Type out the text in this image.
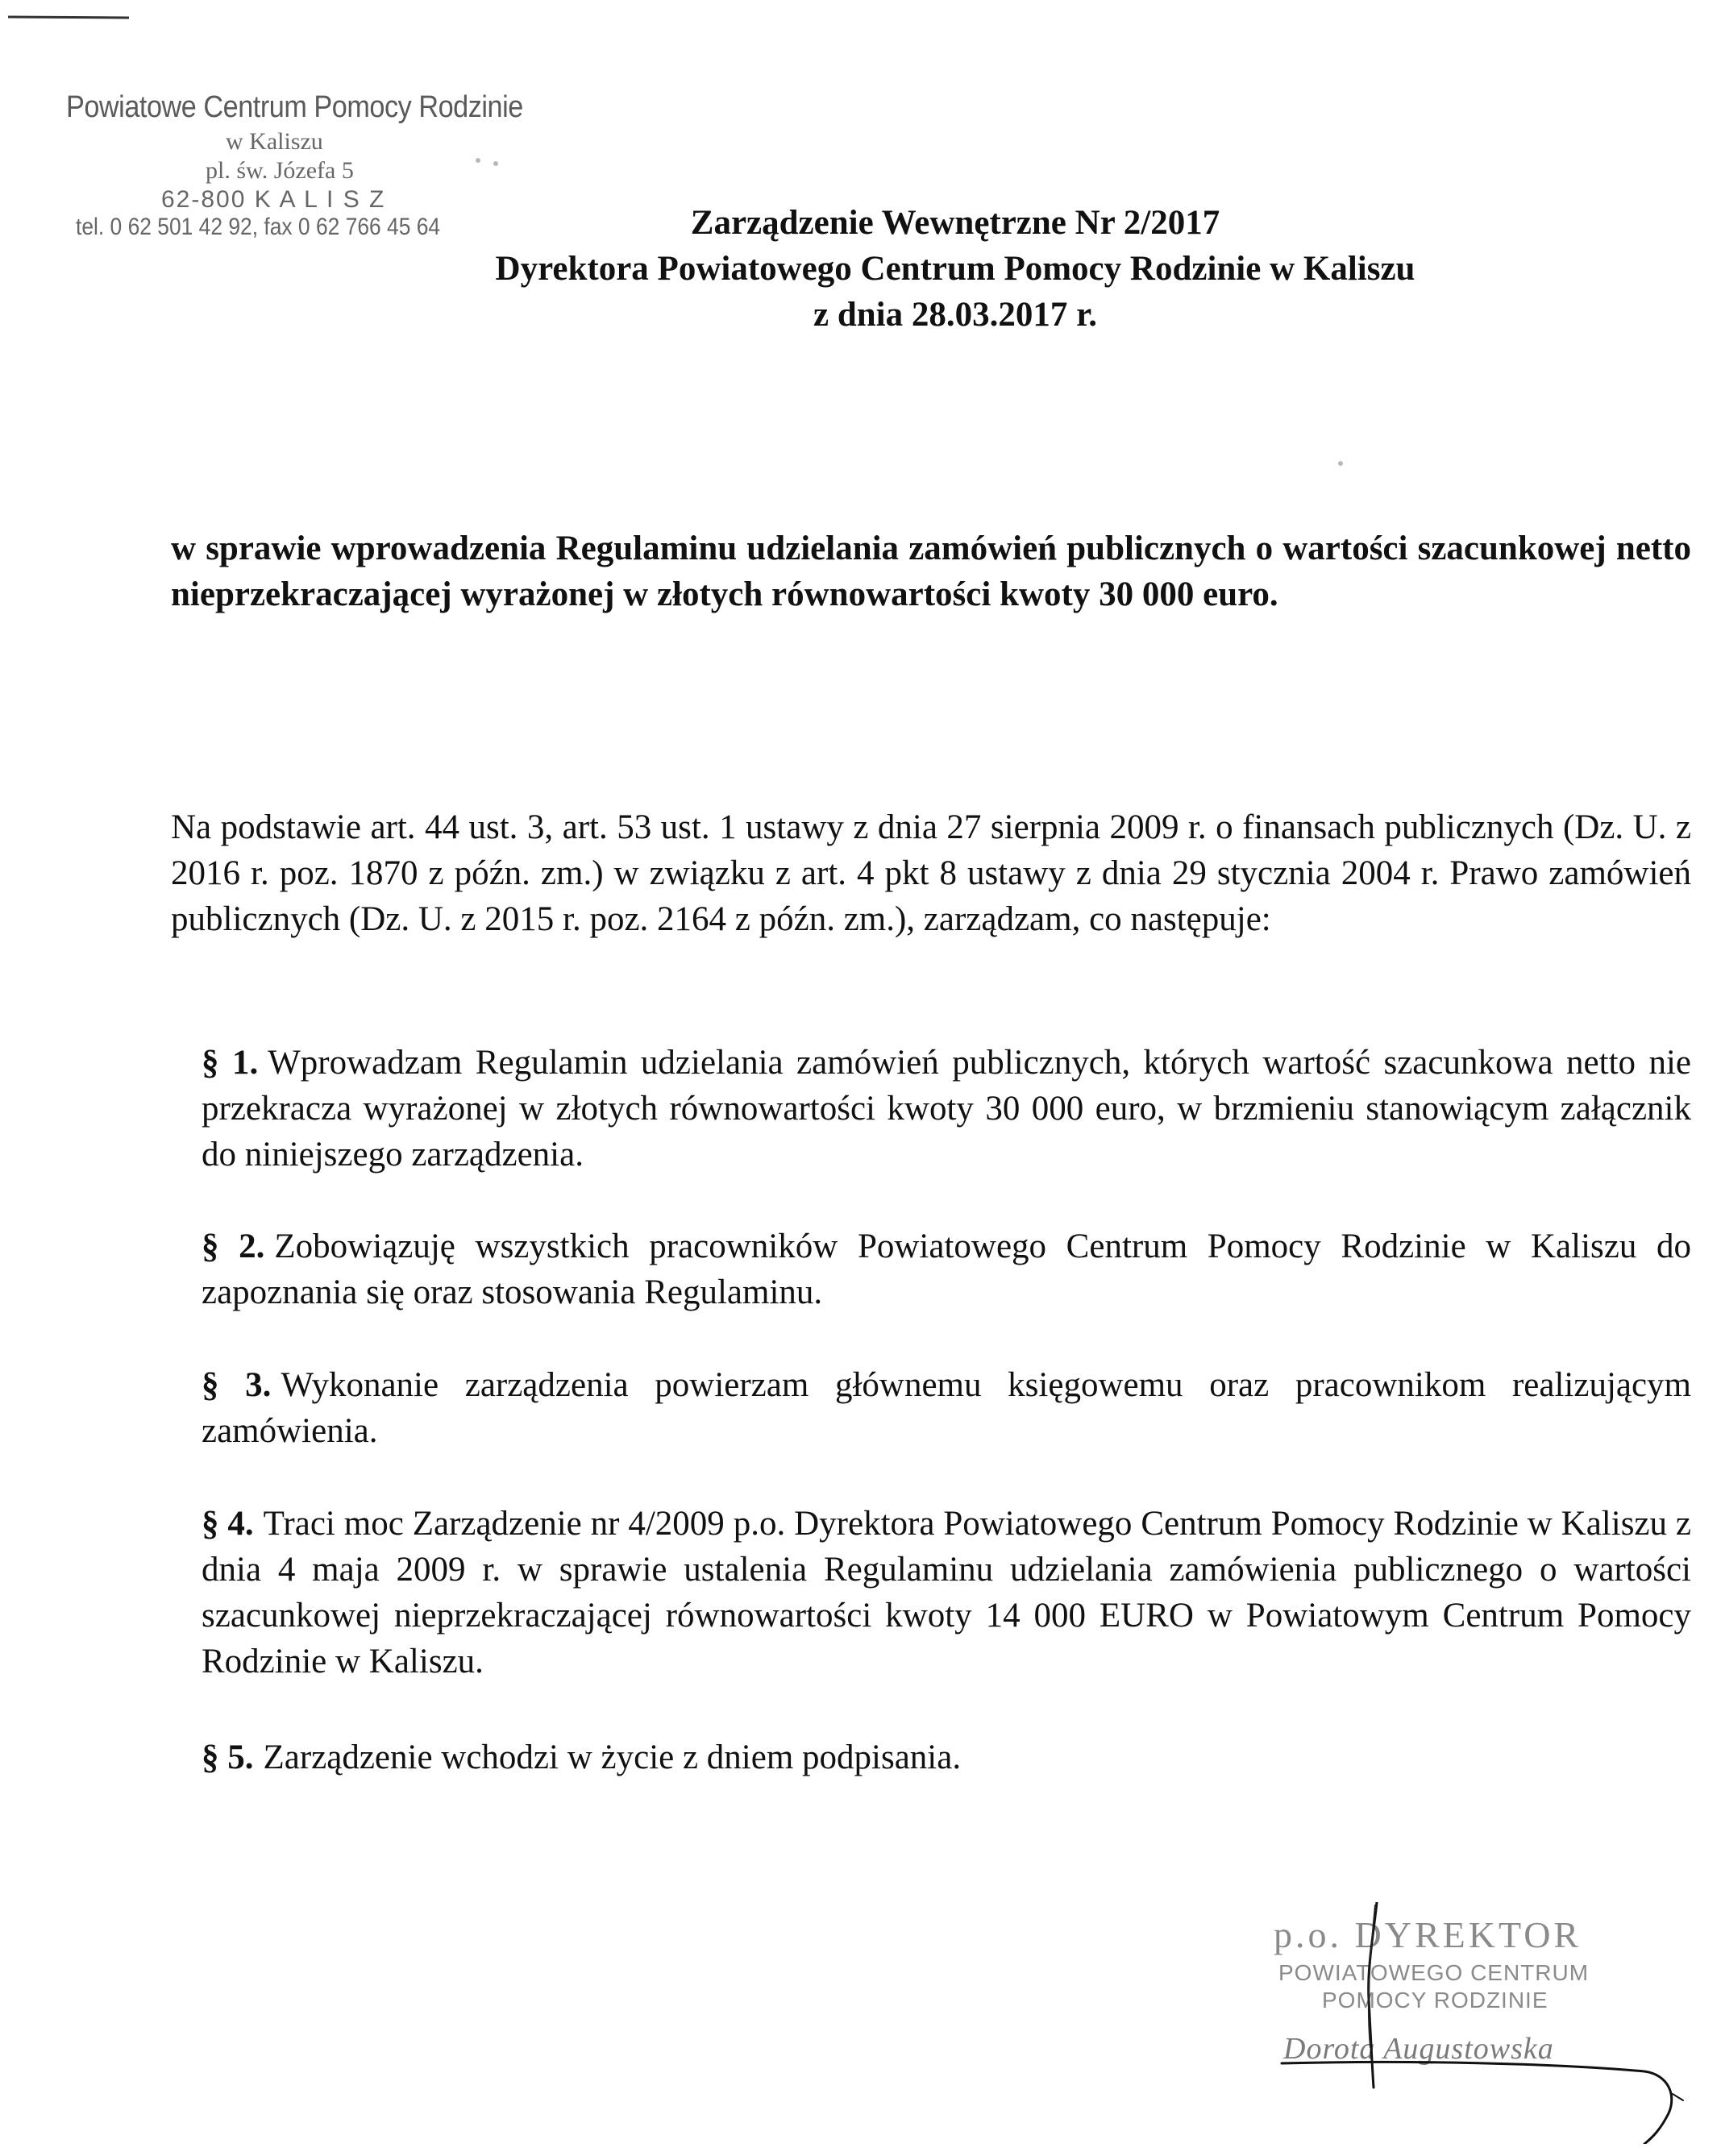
Powiatowe Centrum Pomocy Rodzinie
w Kaliszu
pl. św. Józefa 5
62-800 K A L I S Z
tel. 0 62 501 42 92, fax 0 62 766 45 64	Zarządzenie Wewnętrzne Nr 2/2017
Dyrektora Powiatowego Centrum Pomocy Rodzinie w Kaliszu
z dnia 28.03.2017 r.
w sprawie wprowadzenia Regulaminu udzielania zamówień publicznych o wartości szacunkowej netto nieprzekraczającej wyrażonej w złotych równowartości kwoty 30 000 euro.
Na podstawie art. 44 ust. 3, art. 53 ust. 1 ustawy z dnia 27 sierpnia 2009 r. o finansach publicznych (Dz. U. z 2016 r. poz. 1870 z późn. zm.) w związku z art. 4 pkt 8 ustawy z dnia 29 stycznia 2004 r. Prawo zamówień publicznych (Dz. U. z 2015 r. poz. 2164 z późn. zm.), zarządzam, co następuje:
§ 1. Wprowadzam Regulamin udzielania zamówień publicznych, których wartość szacunkowa netto nie przekracza wyrażonej w złotych równowartości kwoty 30 000 euro, w brzmieniu stanowiącym załącznik do niniejszego zarządzenia.
§ 2. Zobowiązuję wszystkich pracowników Powiatowego Centrum Pomocy Rodzinie w Kaliszu do zapoznania się oraz stosowania Regulaminu.
§ 3. Wykonanie zarządzenia powierzam głównemu księgowemu oraz pracownikom realizującym zamówienia.
§ 4. Traci moc Zarządzenie nr 4/2009 p.o. Dyrektora Powiatowego Centrum Pomocy Rodzinie w Kaliszu z dnia 4 maja 2009 r. w sprawie ustalenia Regulaminu udzielania zamówienia publicznego o wartości szacunkowej nieprzekraczającej równowartości kwoty 14 000 EURO w Powiatowym Centrum Pomocy Rodzinie w Kaliszu.
§ 5. Zarządzenie wchodzi w życie z dniem podpisania.
p.o. DYREKTOR
POWIATOWEGO CENTRUM
POMOCY RODZINIE
Dorota Augustowska
